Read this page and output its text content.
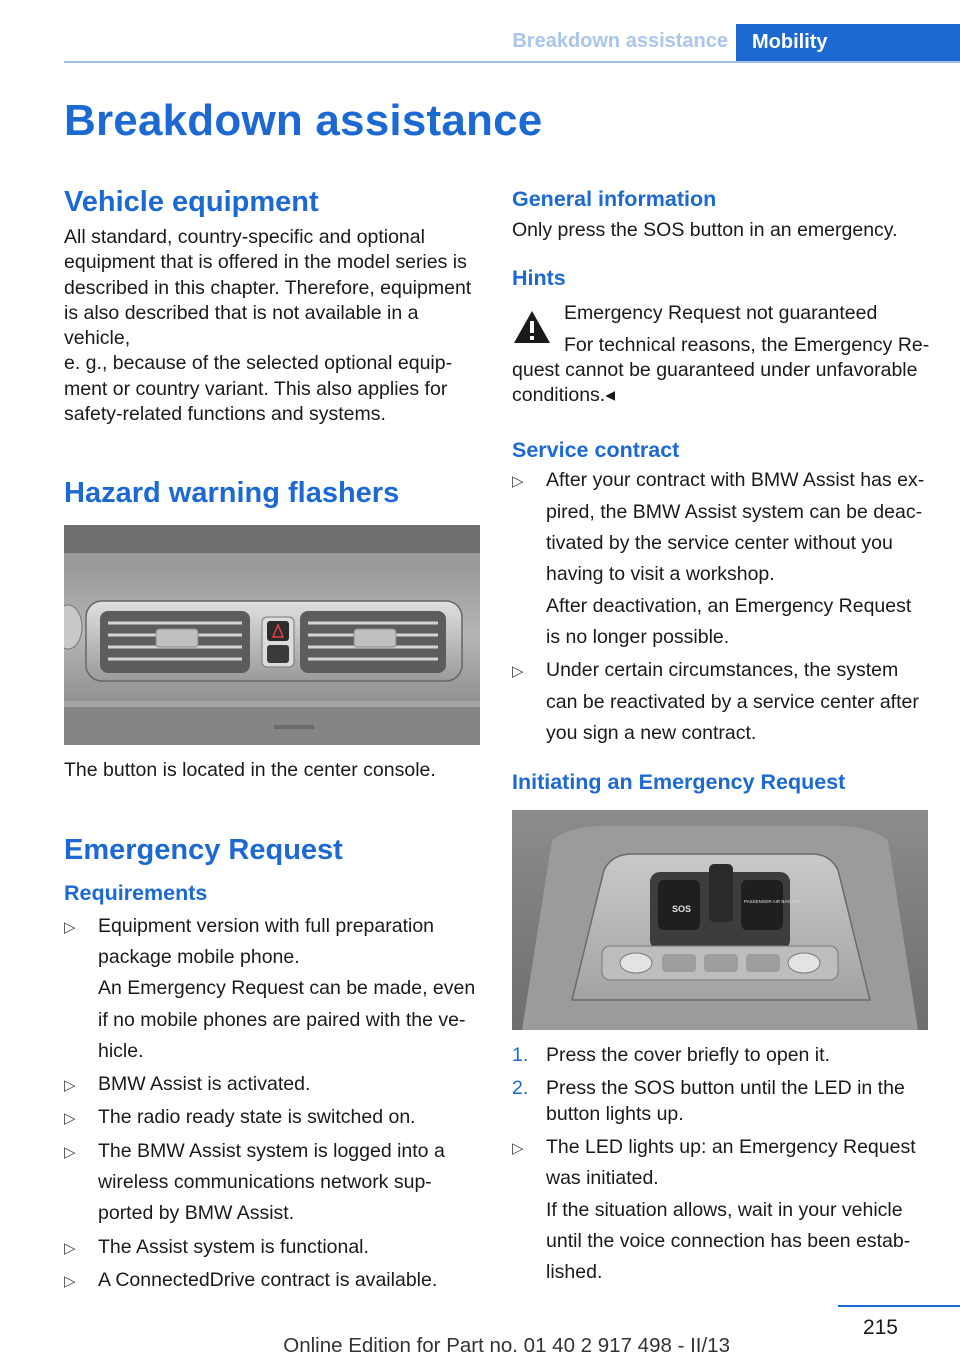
Breakdown assistance	Mobility
Breakdown assistance
Vehicle equipment

All standard, country-specific and optional

equipment that is offered in the model series is

described in this chapter. Therefore, equipment

is also described that is not available in a vehicle,

e. g., because of the selected optional equip-

ment or country variant. This also applies for

safety-related functions and systems.

Hazard warning flashers

The button is located in the center console.

Emergency Request
Requirements
▷ Equipment version with full preparation

package mobile phone.

An Emergency Request can be made, even

if no mobile phones are paired with the ve-

hicle.

▷ BMW Assist is activated.

▷ The radio ready state is switched on.

▷ The BMW Assist system is logged into a

wireless communications network sup-

ported by BMW Assist.

▷ The Assist system is functional.

▷ A ConnectedDrive contract is available.

General information

Only press the SOS button in an emergency.

Hints

Emergency Request not guaranteed

For technical reasons, the Emergency Re-

quest cannot be guaranteed under unfavorable

conditions.◂

Service contract
▷ After your contract with BMW Assist has ex-

pired, the BMW Assist system can be deac-

tivated by the service center without you

having to visit a workshop.

After deactivation, an Emergency Request

is no longer possible.

▷ Under certain circumstances, the system

can be reactivated by a service center after

you sign a new contract.

Initiating an Emergency Request
SOS
PASSENGER AIR BAG OFF
1. Press the cover briefly to open it.

2. Press the SOS button until the LED in the

button lights up.

▷ The LED lights up: an Emergency Request

was initiated.

If the situation allows, wait in your vehicle

until the voice connection has been estab-

lished.

215
Online Edition for Part no. 01 40 2 917 498 - II/13
